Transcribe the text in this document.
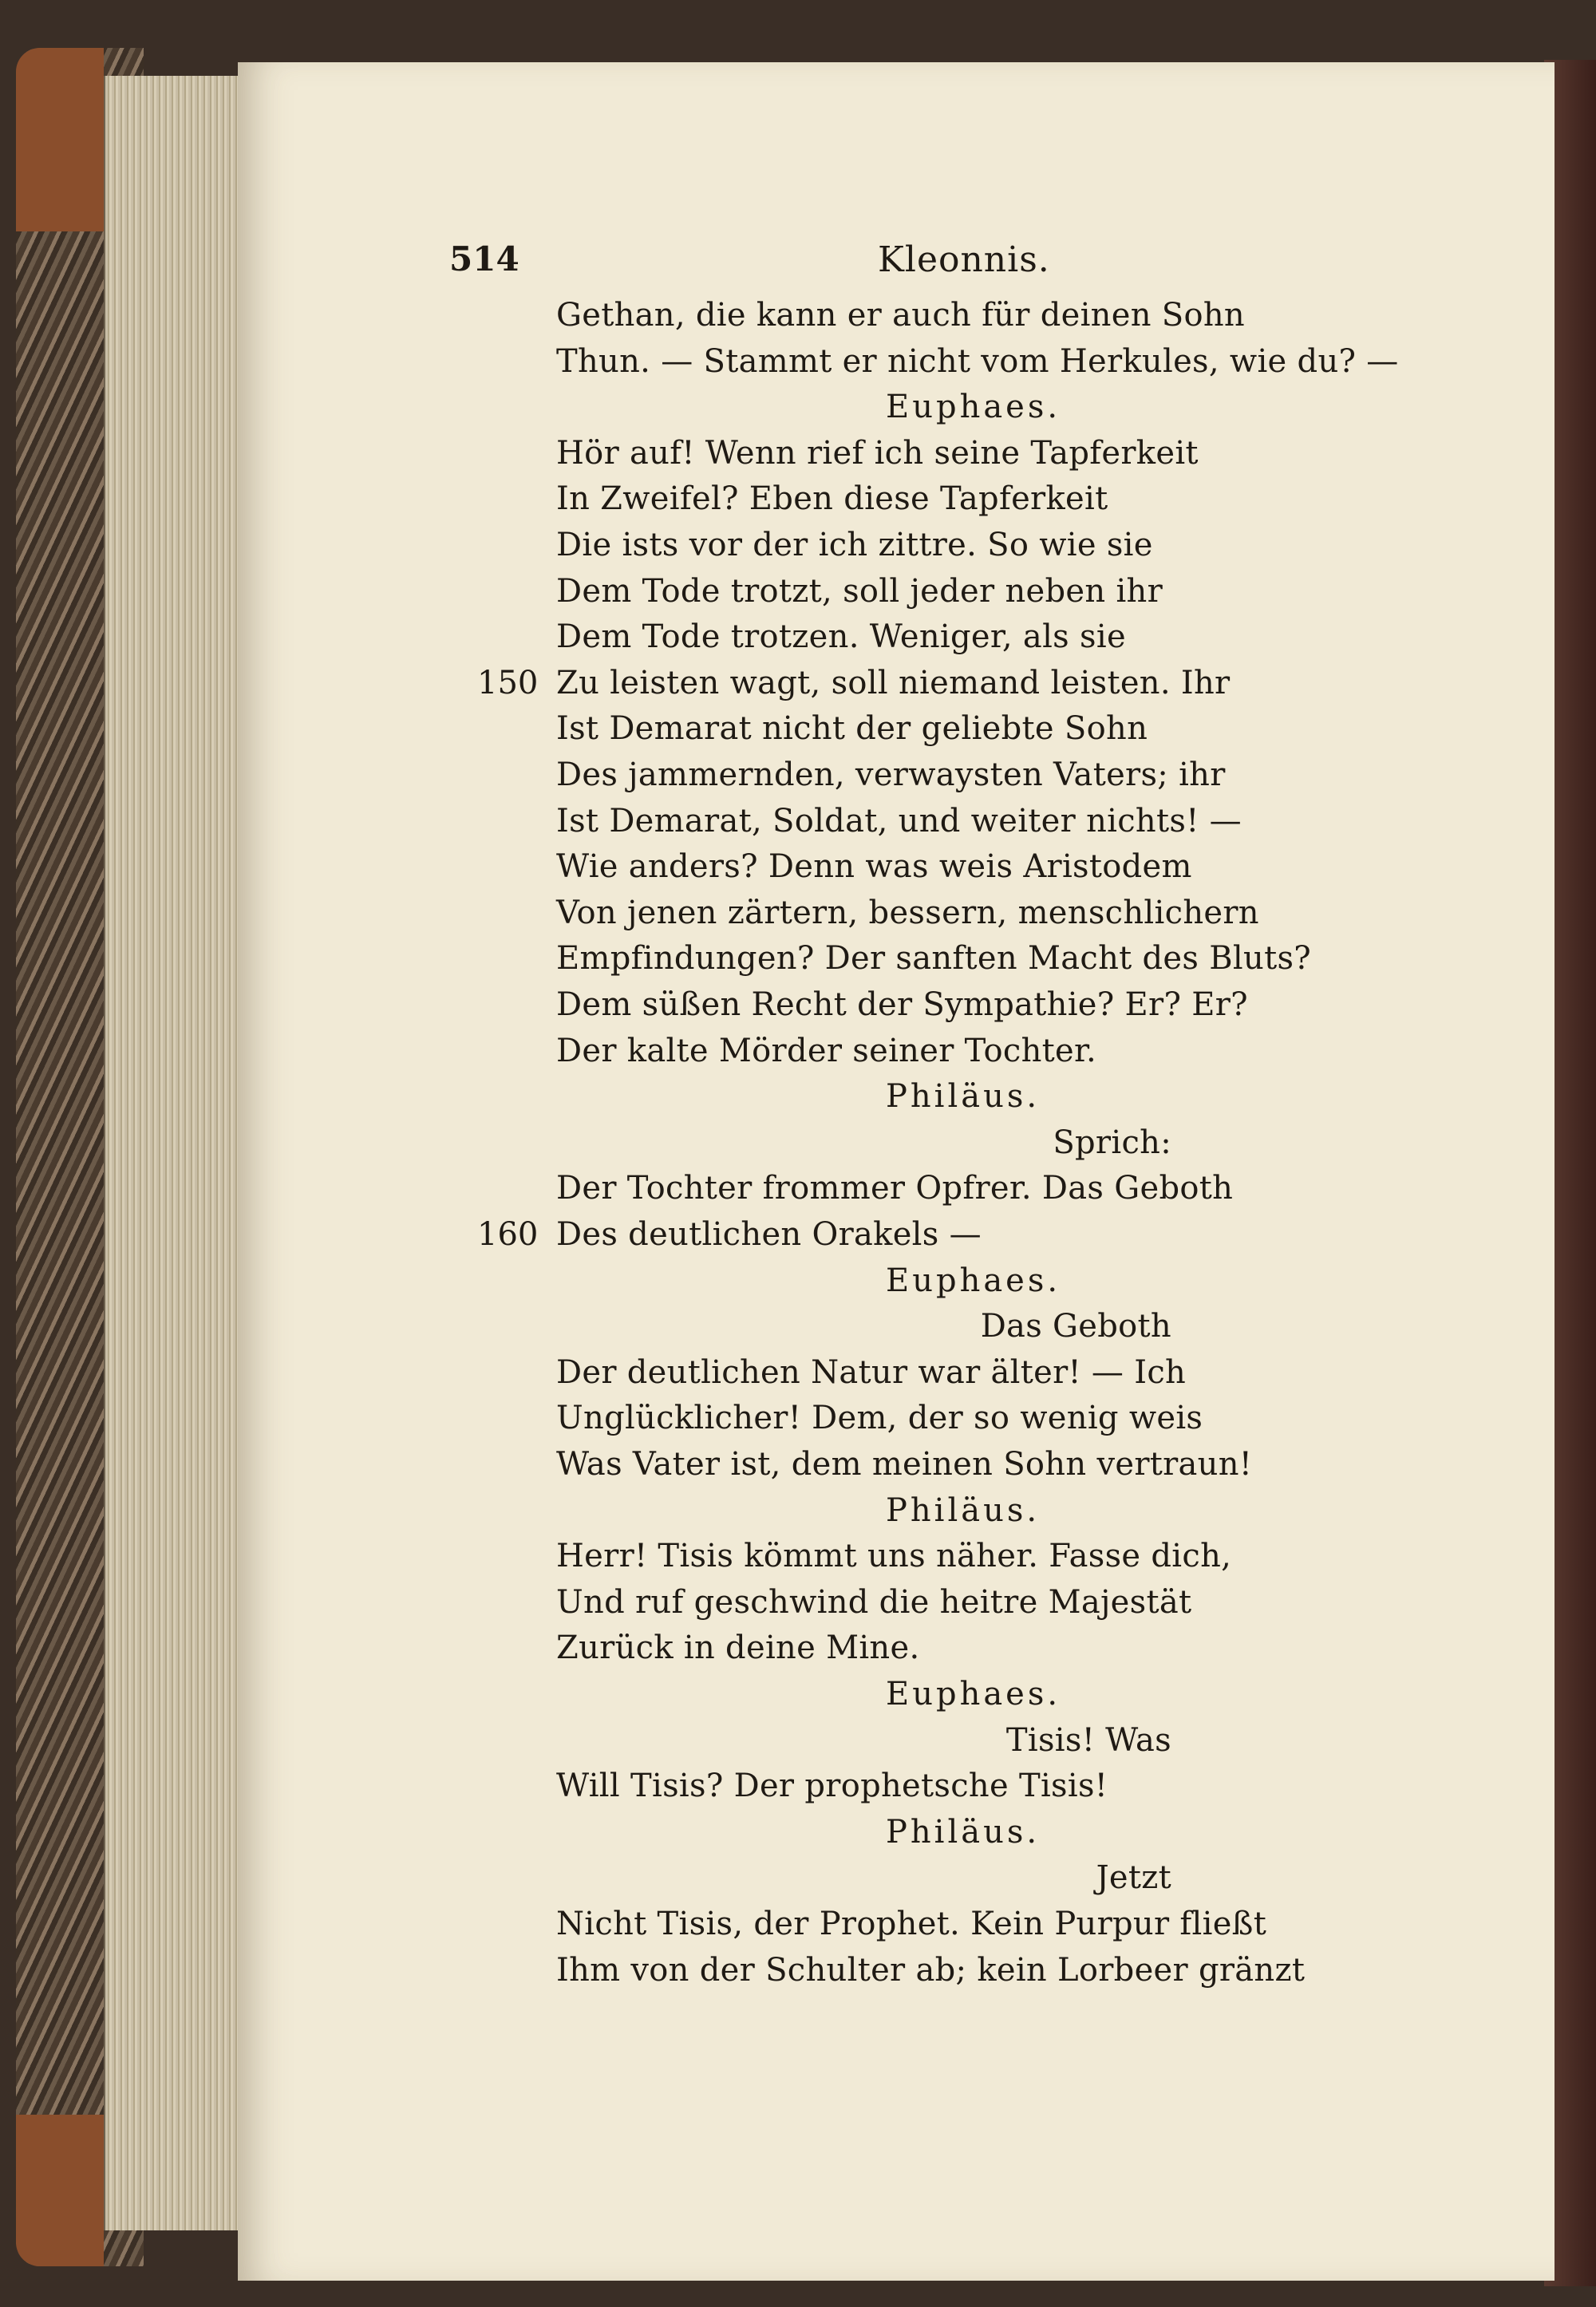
514	Kleonnis.
Gethan, die kann er auch für deinen Sohn
Thun. — Stammt er nicht vom Herkules, wie du? —
Euphaes.
Hör auf! Wenn rief ich seine Tapferkeit
In Zweifel? Eben diese Tapferkeit
Die ists vor der ich zittre. So wie sie
Dem Tode trotzt, soll jeder neben ihr
Dem Tode trotzen. Weniger, als sie
Zu leisten wagt, soll niemand leisten. Ihr
150
Ist Demarat nicht der geliebte Sohn
Des jammernden, verwaysten Vaters; ihr
Ist Demarat, Soldat, und weiter nichts! —
Wie anders? Denn was weis Aristodem
Von jenen zärtern, bessern, menschlichern
Empfindungen? Der sanften Macht des Bluts?
Dem süßen Recht der Sympathie? Er? Er?
Der kalte Mörder seiner Tochter.
Philäus.
Sprich:
Der Tochter frommer Opfrer. Das Geboth
Des deutlichen Orakels —
160
Euphaes.
Das Geboth
Der deutlichen Natur war älter! — Ich
Unglücklicher! Dem, der so wenig weis
Was Vater ist, dem meinen Sohn vertraun!
Philäus.
Herr! Tisis kömmt uns näher. Fasse dich,
Und ruf geschwind die heitre Majestät
Zurück in deine Mine.
Euphaes.
Tisis! Was
Will Tisis? Der prophetsche Tisis!
Philäus.
Jetzt
Nicht Tisis, der Prophet. Kein Purpur fließt
Ihm von der Schulter ab; kein Lorbeer gränzt
